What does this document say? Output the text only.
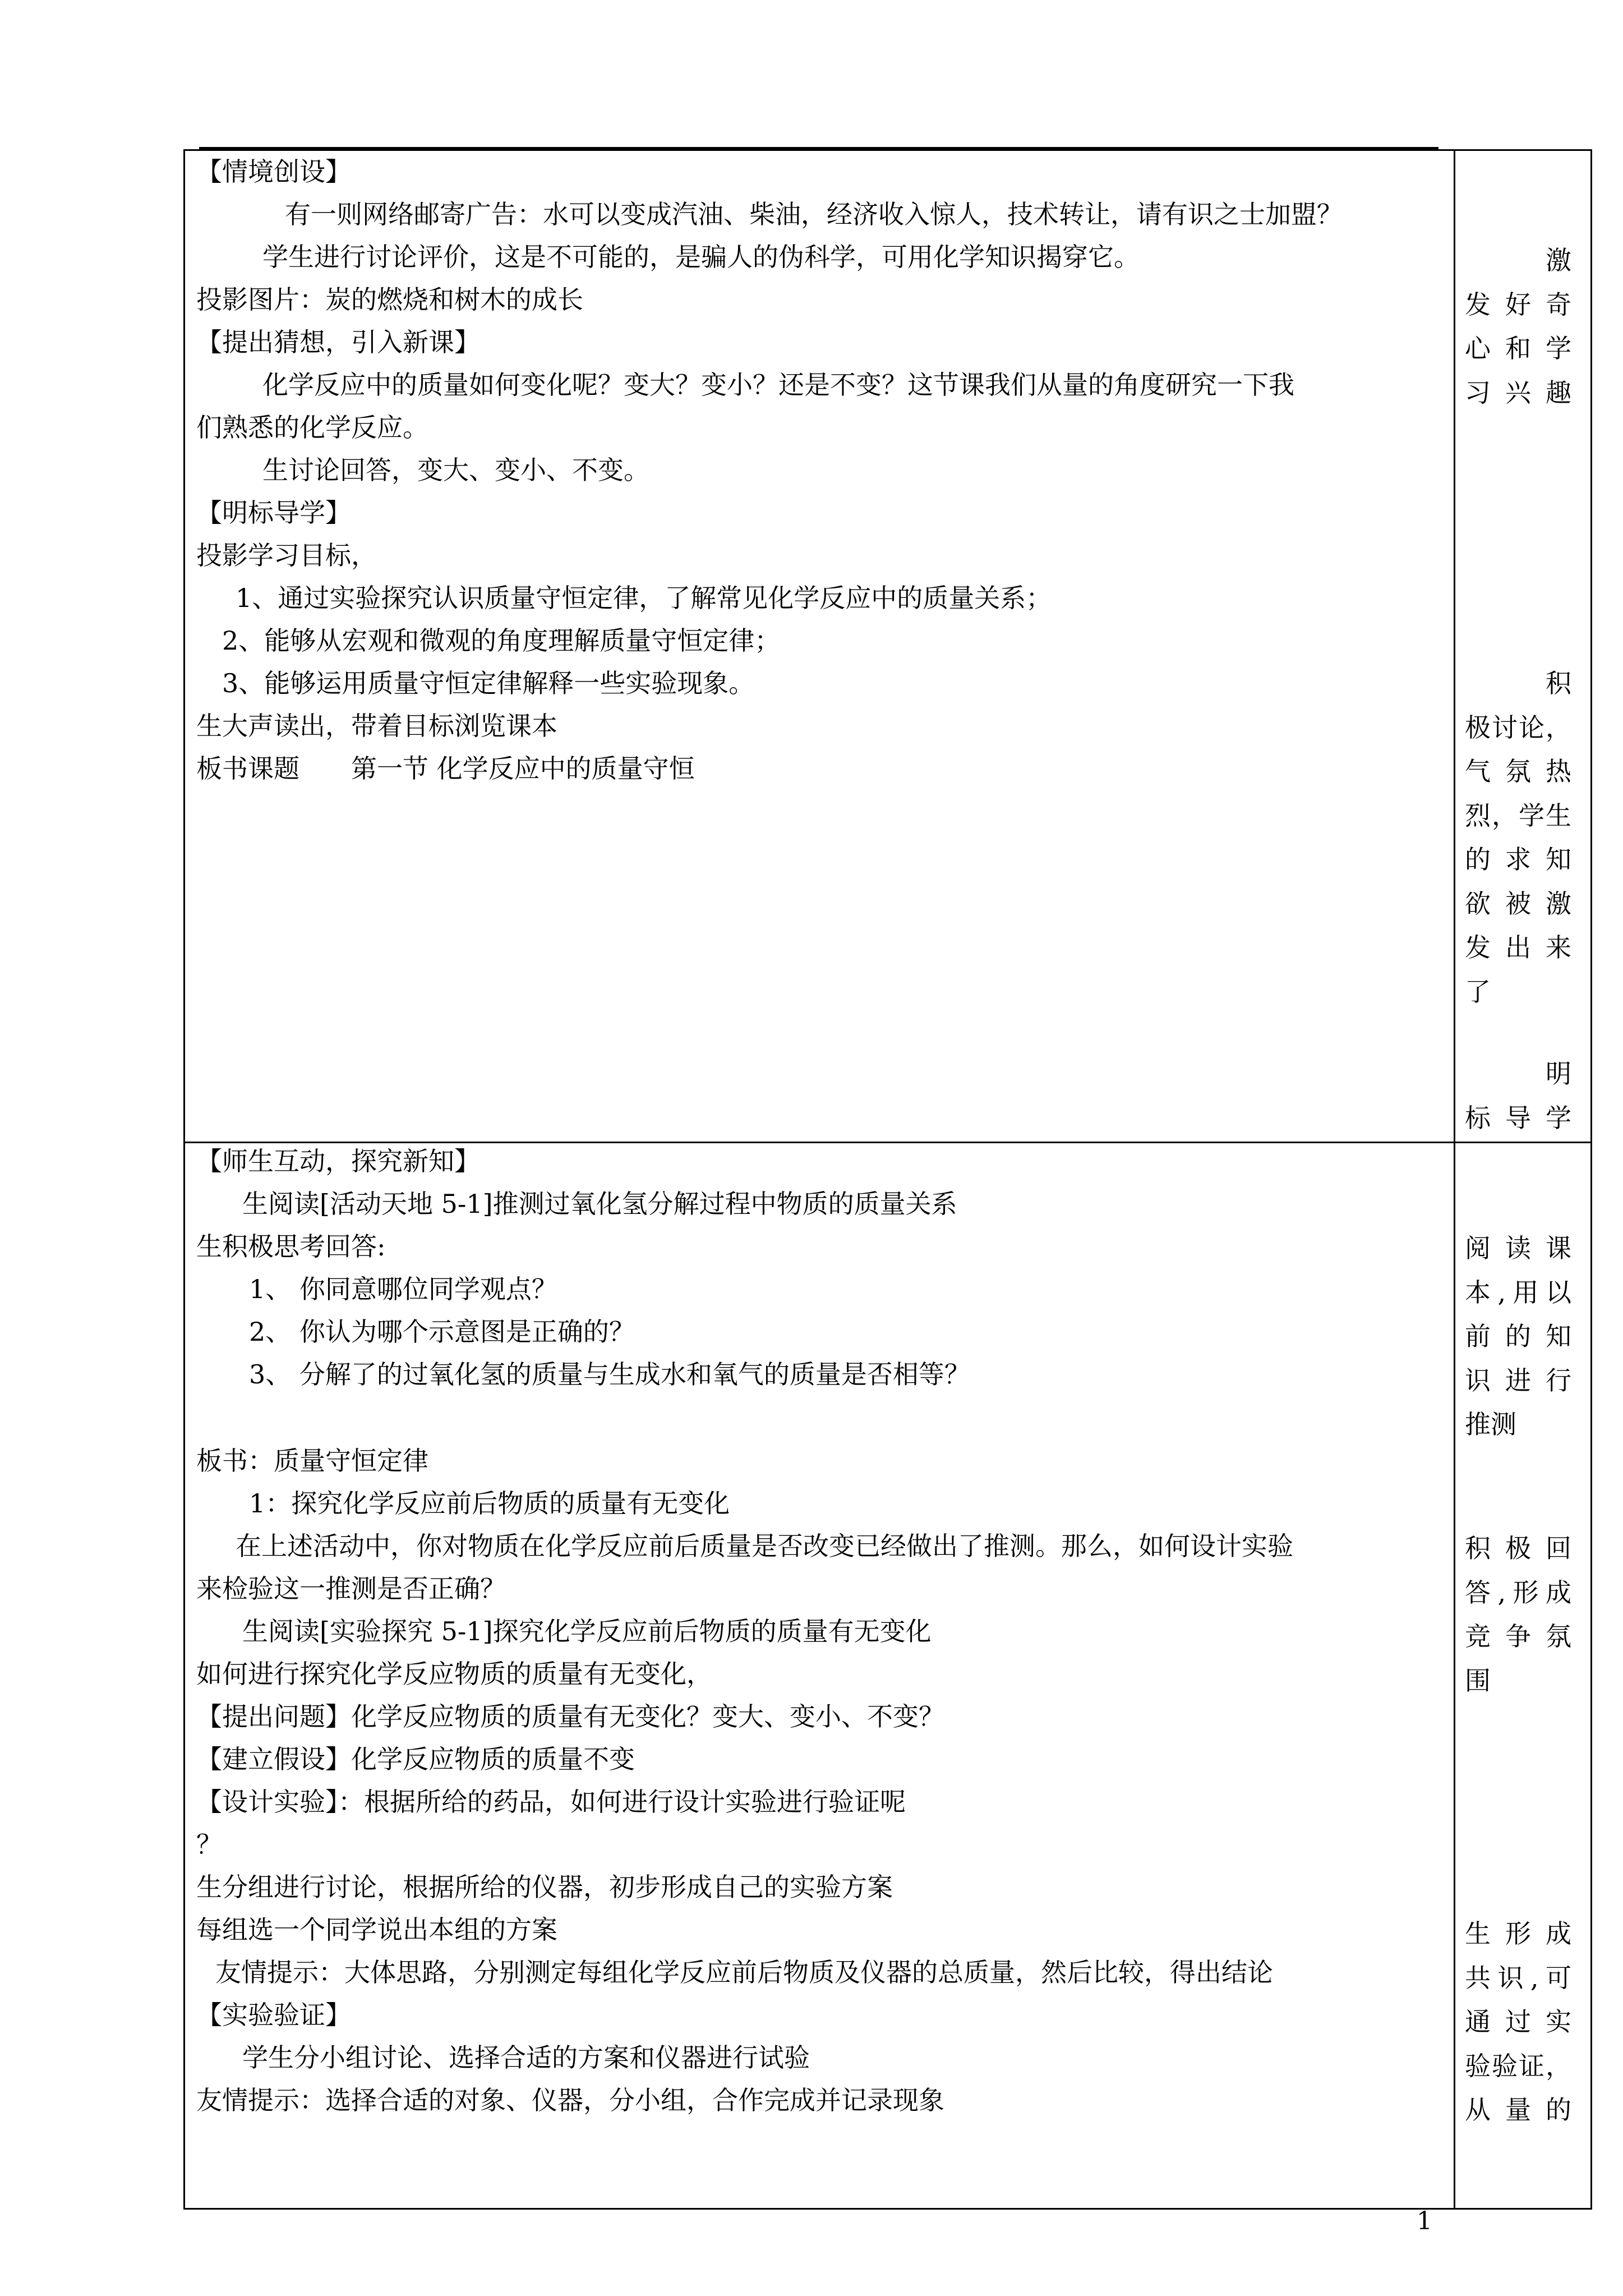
【情境创设】
有一则网络邮寄广告：水可以变成汽油、柴油，经济收入惊人，技术转让，请有识之士加盟？
学生进行讨论评价，这是不可能的，是骗人的伪科学，可用化学知识揭穿它。
投影图片：炭的燃烧和树木的成长
【提出猜想，引入新课】
化学反应中的质量如何变化呢？变大？变小？还是不变？这节课我们从量的角度研究一下我
们熟悉的化学反应。
生讨论回答，变大、变小、不变。
【明标导学】
投影学习目标，
1、通过实验探究认识质量守恒定律，了解常见化学反应中的质量关系；
2、能够从宏观和微观的角度理解质量守恒定律；
3、能够运用质量守恒定律解释一些实验现象。
生大声读出，带着目标浏览课本
板书课题　　第一节 化学反应中的质量守恒
激
发好奇
心和学
习兴趣
积
极讨论，
气氛热
烈，学生
的求知
欲被激
发出来
了
明
标导学
【师生互动，探究新知】
生阅读[活动天地 5-1]推测过氧化氢分解过程中物质的质量关系
生积极思考回答:
1、 你同意哪位同学观点？
2、 你认为哪个示意图是正确的？
3、 分解了的过氧化氢的质量与生成水和氧气的质量是否相等？
板书：质量守恒定律
1：探究化学反应前后物质的质量有无变化
在上述活动中，你对物质在化学反应前后质量是否改变已经做出了推测。那么，如何设计实验
来检验这一推测是否正确？
生阅读[实验探究 5-1]探究化学反应前后物质的质量有无变化
如何进行探究化学反应物质的质量有无变化，
【提出问题】化学反应物质的质量有无变化？变大、变小、不变？
【建立假设】化学反应物质的质量不变
【设计实验】：根据所给的药品，如何进行设计实验进行验证呢
？
生分组进行讨论，根据所给的仪器，初步形成自己的实验方案
每组选一个同学说出本组的方案
友情提示：大体思路，分别测定每组化学反应前后物质及仪器的总质量，然后比较，得出结论
【实验验证】
学生分小组讨论、选择合适的方案和仪器进行试验
友情提示：选择合适的对象、仪器，分小组，合作完成并记录现象
阅读课
本,用以
前的知
识进行
推测
积极回
答,形成
竞争氛
围
生形成
共识,可
通过实
验验证，
从量的
1
